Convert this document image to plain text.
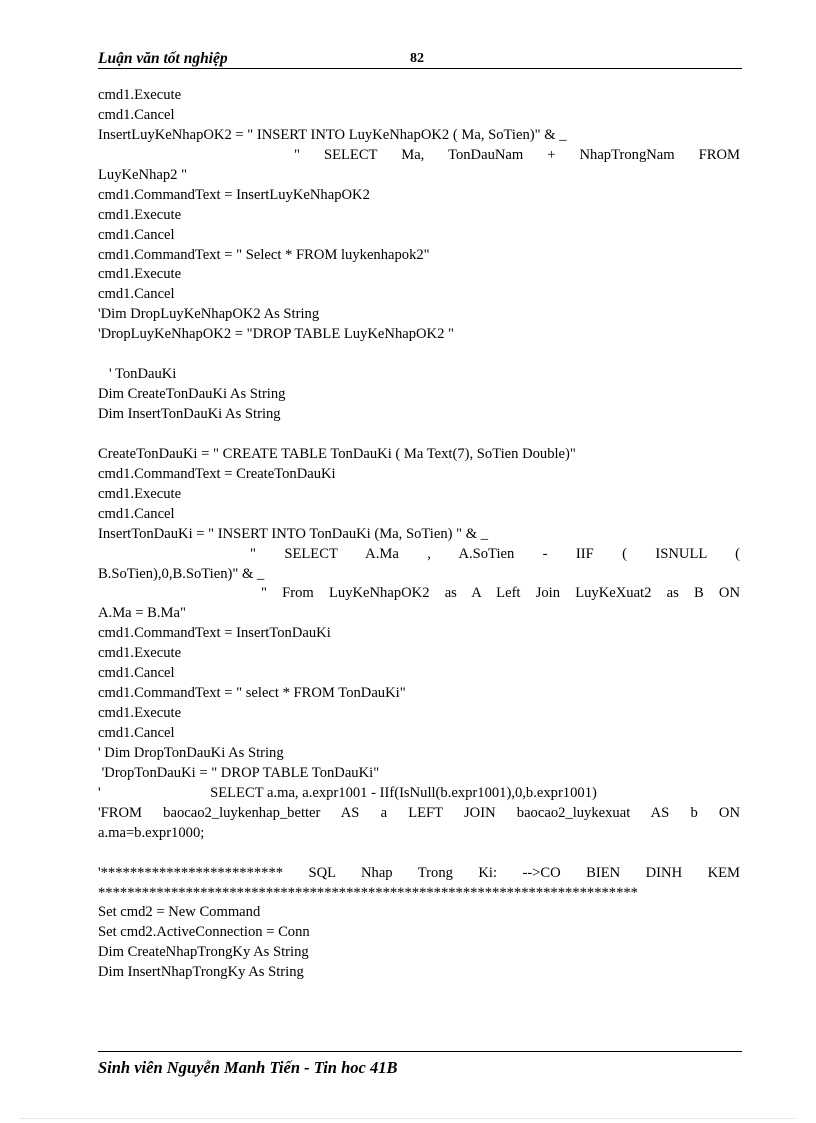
Luận văn tốt nghiệp	82
cmd1.Execute
cmd1.Cancel
InsertLuyKeNhapOK2 = " INSERT INTO LuyKeNhapOK2 ( Ma, SoTien)" & _
" SELECT Ma, TonDauNam + NhapTrongNam FROM
LuyKeNhap2 "
cmd1.CommandText = InsertLuyKeNhapOK2
cmd1.Execute
cmd1.Cancel
cmd1.CommandText = " Select * FROM luykenhapok2"
cmd1.Execute
cmd1.Cancel
'Dim DropLuyKeNhapOK2 As String
'DropLuyKeNhapOK2 = "DROP TABLE LuyKeNhapOK2 "
' TonDauKi
Dim CreateTonDauKi As String
Dim InsertTonDauKi As String
CreateTonDauKi = " CREATE TABLE TonDauKi ( Ma Text(7), SoTien Double)"
cmd1.CommandText = CreateTonDauKi
cmd1.Execute
cmd1.Cancel
InsertTonDauKi = " INSERT INTO TonDauKi (Ma, SoTien) " & _
" SELECT A.Ma , A.SoTien - IIF ( ISNULL (
B.SoTien),0,B.SoTien)" & _
" From LuyKeNhapOK2 as A Left Join LuyKeXuat2 as B ON
A.Ma = B.Ma"
cmd1.CommandText = InsertTonDauKi
cmd1.Execute
cmd1.Cancel
cmd1.CommandText = " select * FROM TonDauKi"
cmd1.Execute
cmd1.Cancel
' Dim DropTonDauKi As String
'DropTonDauKi = " DROP TABLE TonDauKi"
'                              SELECT a.ma, a.expr1001 - IIf(IsNull(b.expr1001),0,b.expr1001)
'FROM baocao2_luykenhap_better AS a LEFT JOIN baocao2_luykexuat AS b ON
a.ma=b.expr1000;
'************************* SQL Nhap Trong Ki: -->CO BIEN DINH KEM
**************************************************************************
Set cmd2 = New Command
Set cmd2.ActiveConnection = Conn
Dim CreateNhapTrongKy As String
Dim InsertNhapTrongKy As String
Sinh viên Nguyễn Manh Tiến - Tin hoc 41B
